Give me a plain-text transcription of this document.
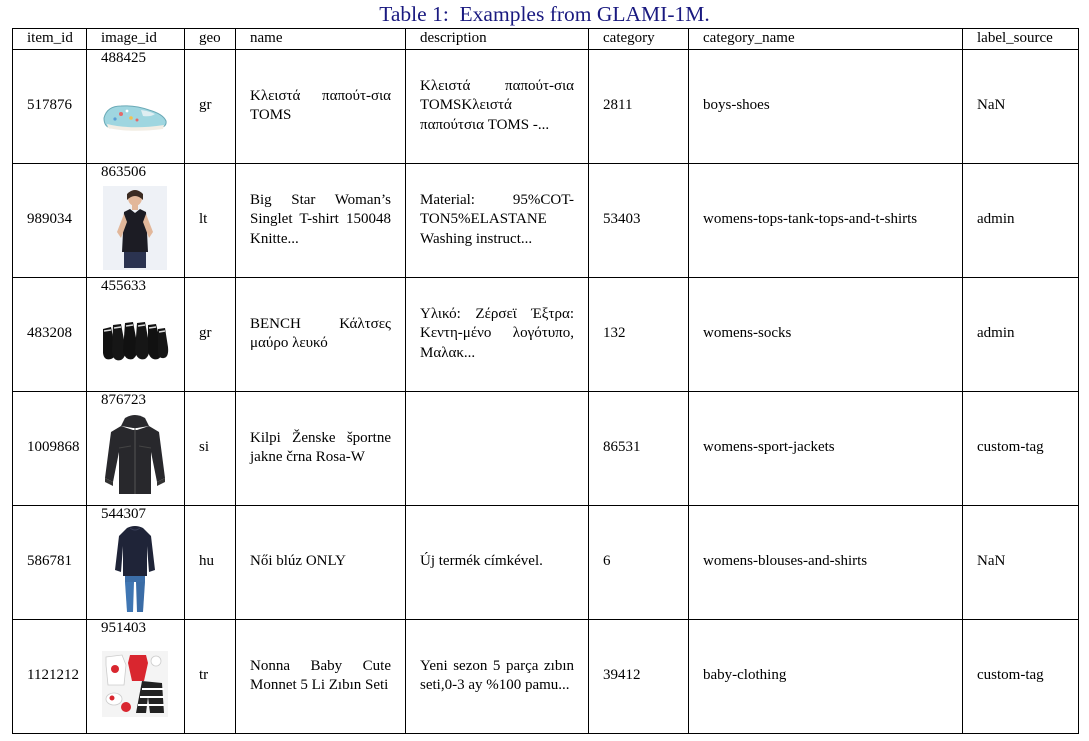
Table 1:  Examples from GLAMI-1M.
item_id	image_id	geo	name	description	category	category_name	label_source
517876	488425	gr	Κλειστά παπούτ-σια TOMS	Κλειστά παπούτ-σια TOMSΚλειστά παπούτσια TOMS -...	2811	boys-shoes	NaN
989034	863506	lt	Big Star Woman’s Singlet T-shirt 150048 Knitte...	Material: 95%COT-TON5%ELASTANE Washing instruct...	53403	womens-tops-tank-tops-and-t-shirts	admin
483208	455633	gr	BENCH Κάλτσες μαύρο λευκό	Υλικό: Ζέρσεϊ Έξτρα: Κεντη-μένο λογότυπο, Μαλακ...	132	womens-socks	admin
1009868	876723	si	Kilpi Ženske športne jakne črna Rosa-W		86531	womens-sport-jackets	custom-tag
586781	544307	hu	Női blúz ONLY	Új termék címkével.	6	womens-blouses-and-shirts	NaN
1121212	951403	tr	Nonna Baby Cute Monnet 5 Li Zıbın Seti	Yeni sezon 5 parça zıbın seti,0-3 ay %100 pamu...	39412	baby-clothing	custom-tag
